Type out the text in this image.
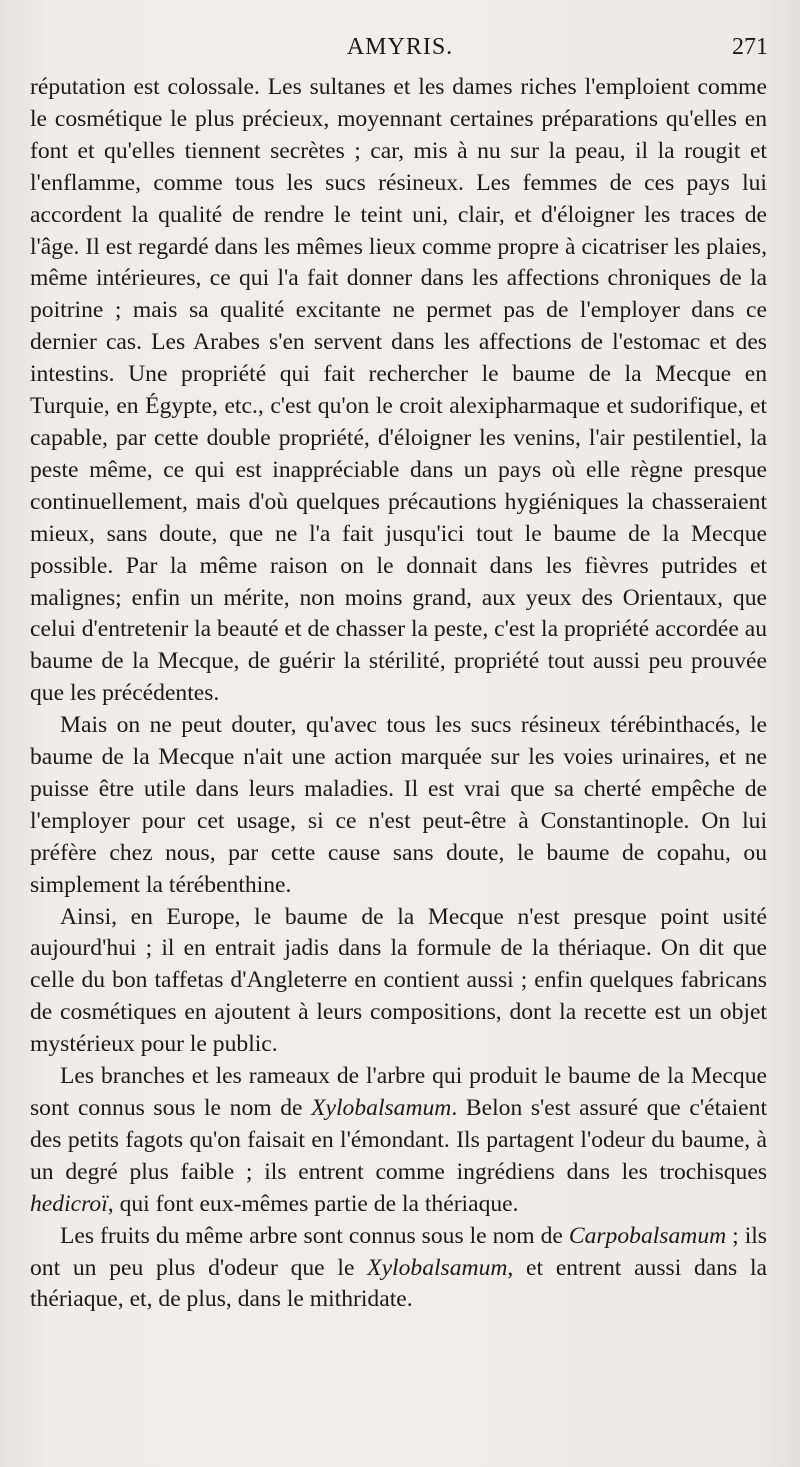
AMYRIS.	271

réputation est colossale. Les sultanes et les dames riches l'emploient comme le cosmétique le plus précieux, moyennant certaines préparations qu'elles en font et qu'elles tiennent secrètes ; car, mis à nu sur la peau, il la rougit et l'enflamme, comme tous les sucs résineux. Les femmes de ces pays lui accordent la qualité de rendre le teint uni, clair, et d'éloigner les traces de l'âge. Il est regardé dans les mêmes lieux comme propre à cicatriser les plaies, même intérieures, ce qui l'a fait donner dans les affections chroniques de la poitrine ; mais sa qualité excitante ne permet pas de l'employer dans ce dernier cas. Les Arabes s'en servent dans les affections de l'estomac et des intestins. Une propriété qui fait rechercher le baume de la Mecque en Turquie, en Égypte, etc., c'est qu'on le croit alexipharmaque et sudorifique, et capable, par cette double propriété, d'éloigner les venins, l'air pestilentiel, la peste même, ce qui est inappréciable dans un pays où elle règne presque continuellement, mais d'où quelques précautions hygiéniques la chasseraient mieux, sans doute, que ne l'a fait jusqu'ici tout le baume de la Mecque possible. Par la même raison on le donnait dans les fièvres putrides et malignes; enfin un mérite, non moins grand, aux yeux des Orientaux, que celui d'entretenir la beauté et de chasser la peste, c'est la propriété accordée au baume de la Mecque, de guérir la stérilité, propriété tout aussi peu prouvée que les précédentes.

Mais on ne peut douter, qu'avec tous les sucs résineux térébinthacés, le baume de la Mecque n'ait une action marquée sur les voies urinaires, et ne puisse être utile dans leurs maladies. Il est vrai que sa cherté empêche de l'employer pour cet usage, si ce n'est peut-être à Constantinople. On lui préfère chez nous, par cette cause sans doute, le baume de copahu, ou simplement la térébenthine.

Ainsi, en Europe, le baume de la Mecque n'est presque point usité aujourd'hui ; il en entrait jadis dans la formule de la thériaque. On dit que celle du bon taffetas d'Angleterre en contient aussi ; enfin quelques fabricans de cosmétiques en ajoutent à leurs compositions, dont la recette est un objet mystérieux pour le public.

Les branches et les rameaux de l'arbre qui produit le baume de la Mecque sont connus sous le nom de Xylobalsamum. Belon s'est assuré que c'étaient des petits fagots qu'on faisait en l'émondant. Ils partagent l'odeur du baume, à un degré plus faible ; ils entrent comme ingrédiens dans les trochisques hedicroï, qui font eux-mêmes partie de la thériaque.

Les fruits du même arbre sont connus sous le nom de Carpobalsamum ; ils ont un peu plus d'odeur que le Xylobalsamum, et entrent aussi dans la thériaque, et, de plus, dans le mithridate.
